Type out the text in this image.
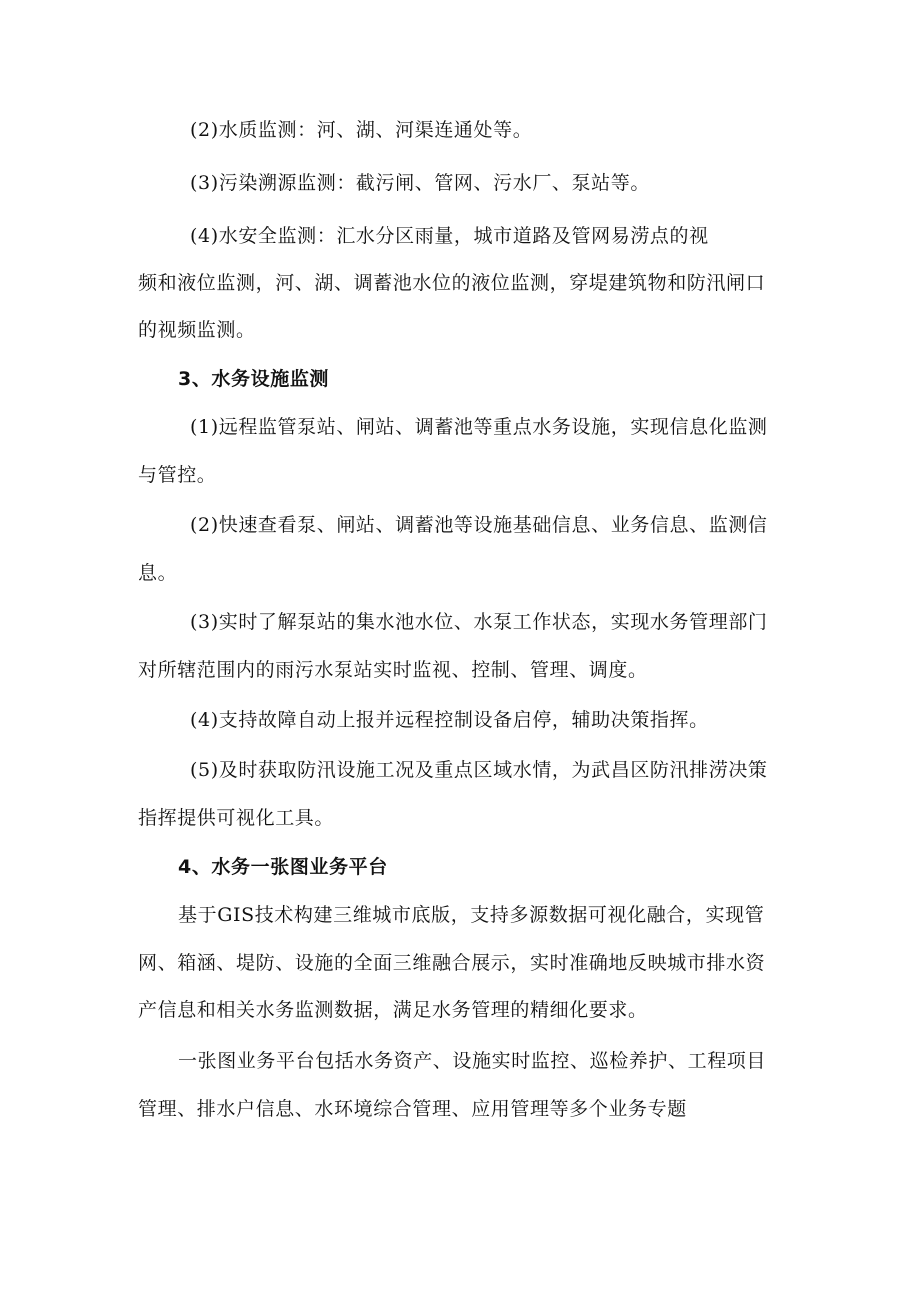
(2)水质监测：河、湖、河渠连通处等。
(3)污染溯源监测：截污闸、管网、污水厂、泵站等。
(4)水安全监测：汇水分区雨量，城市道路及管网易涝点的视
频和液位监测，河、湖、调蓄池水位的液位监测，穿堤建筑物和防汛闸口
的视频监测。
3、水务设施监测
(1)远程监管泵站、闸站、调蓄池等重点水务设施，实现信息化监测
与管控。
(2)快速查看泵、闸站、调蓄池等设施基础信息、业务信息、监测信
息。
(3)实时了解泵站的集水池水位、水泵工作状态，实现水务管理部门
对所辖范围内的雨污水泵站实时监视、控制、管理、调度。
(4)支持故障自动上报并远程控制设备启停，辅助决策指挥。
(5)及时获取防汛设施工况及重点区域水情，为武昌区防汛排涝决策
指挥提供可视化工具。
4、水务一张图业务平台
基于GIS技术构建三维城市底版，支持多源数据可视化融合，实现管
网、箱涵、堤防、设施的全面三维融合展示，实时准确地反映城市排水资
产信息和相关水务监测数据，满足水务管理的精细化要求。
一张图业务平台包括水务资产、设施实时监控、巡检养护、工程项目
管理、排水户信息、水环境综合管理、应用管理等多个业务专题
